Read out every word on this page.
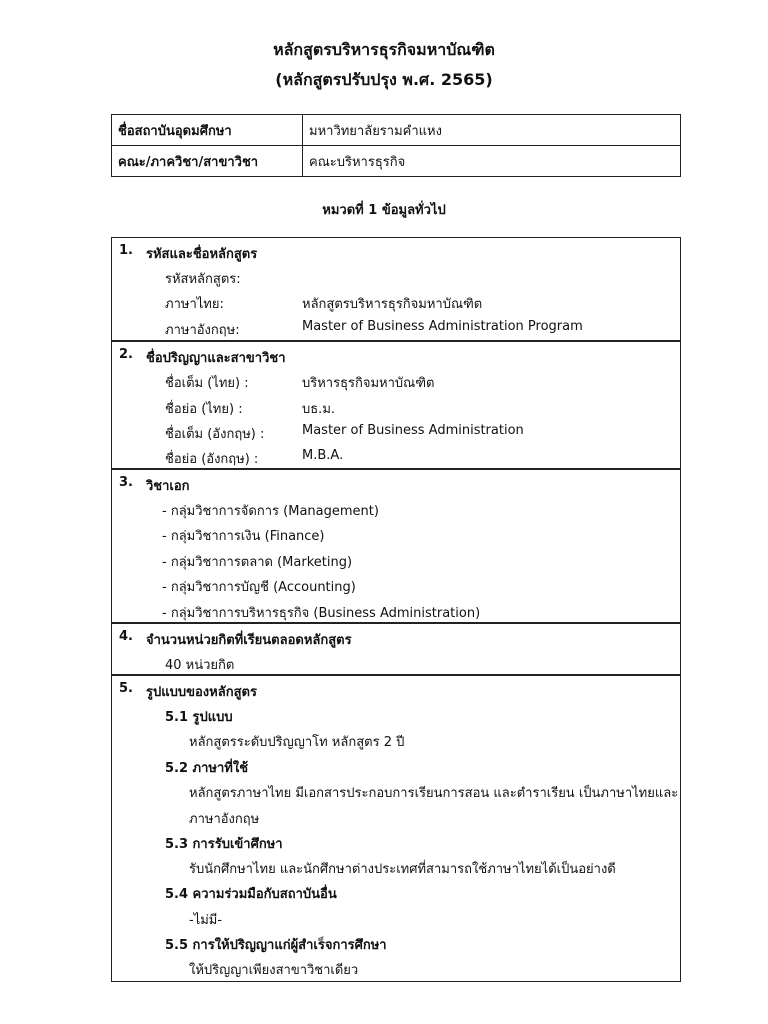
หลักสูตรบริหารธุรกิจมหาบัณฑิต
(หลักสูตรปรับปรุง พ.ศ. 2565)
ชื่อสถาบันอุดมศึกษา	มหาวิทยาลัยรามคำแหง
คณะ/ภาควิชา/สาขาวิชา	คณะบริหารธุรกิจ
หมวดที่ 1 ข้อมูลทั่วไป
1. รหัสและชื่อหลักสูตร
รหัสหลักสูตร:
ภาษาไทย:	หลักสูตรบริหารธุรกิจมหาบัณฑิต
ภาษาอังกฤษ:	Master of Business Administration Program
2. ชื่อปริญญาและสาขาวิชา
ชื่อเต็ม (ไทย) :	บริหารธุรกิจมหาบัณฑิต
ชื่อย่อ (ไทย) :	บธ.ม.
ชื่อเต็ม (อังกฤษ) :	Master of Business Administration
ชื่อย่อ (อังกฤษ) :	M.B.A.
3. วิชาเอก
- กลุ่มวิชาการจัดการ (Management)
- กลุ่มวิชาการเงิน (Finance)
- กลุ่มวิชาการตลาด (Marketing)
- กลุ่มวิชาการบัญชี (Accounting)
- กลุ่มวิชาการบริหารธุรกิจ (Business Administration)
4. จำนวนหน่วยกิตที่เรียนตลอดหลักสูตร
40 หน่วยกิต
5. รูปแบบของหลักสูตร
5.1 รูปแบบ
หลักสูตรระดับปริญญาโท หลักสูตร 2 ปี
5.2 ภาษาที่ใช้
หลักสูตรภาษาไทย มีเอกสารประกอบการเรียนการสอน และตำราเรียน เป็นภาษาไทยและ
ภาษาอังกฤษ
5.3 การรับเข้าศึกษา
รับนักศึกษาไทย และนักศึกษาต่างประเทศที่สามารถใช้ภาษาไทยได้เป็นอย่างดี
5.4 ความร่วมมือกับสถาบันอื่น
-ไม่มี-
5.5 การให้ปริญญาแก่ผู้สำเร็จการศึกษา
ให้ปริญญาเพียงสาขาวิชาเดียว
